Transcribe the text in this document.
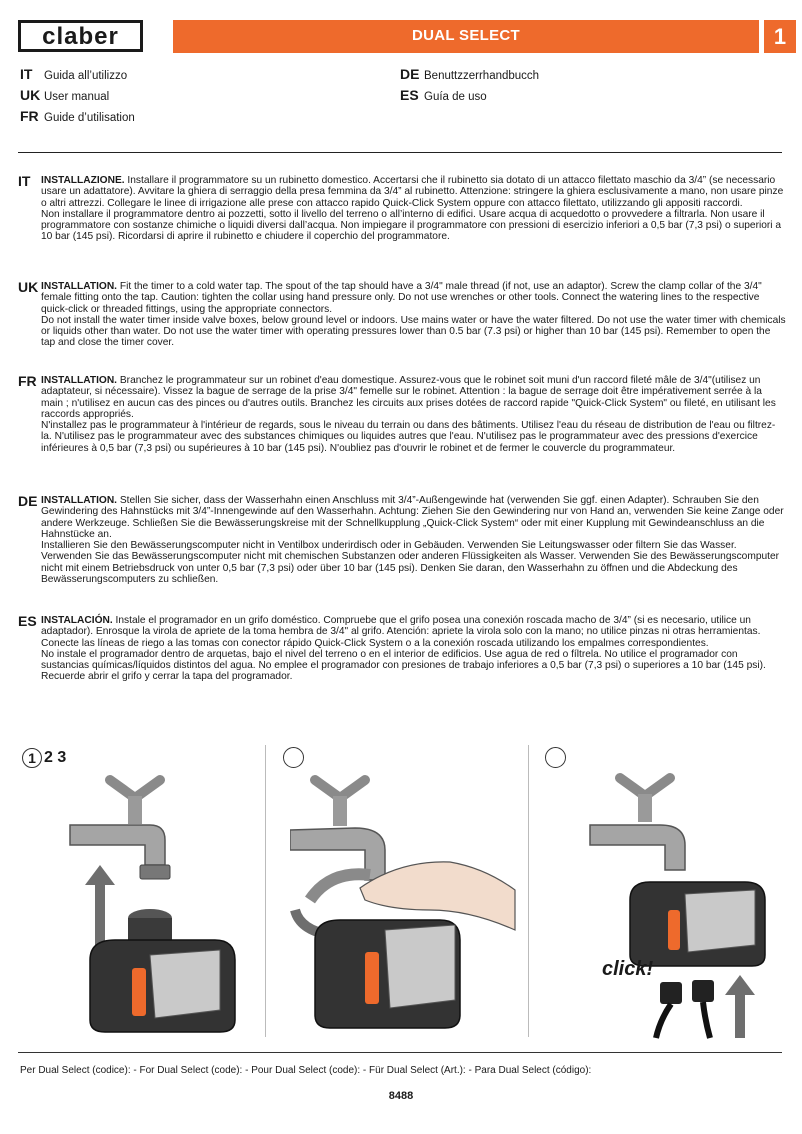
claber	DUAL SELECT	1
IT Guida all’utilizzo
UK User manual
FR Guide d’utilisation
DE Benuttzzerrhandbucch
ES Guía de uso
IT INSTALLAZIONE. Installare il programmatore su un rubinetto domestico. Accertarsi che il rubinetto sia dotato di un attacco filettato maschio da 3/4” (se necessario usare un adattatore). Avvitare la ghiera di serraggio della presa femmina da 3/4” al rubinetto. Attenzione: stringere la ghiera esclusivamente a mano, non usare pinze o altri attrezzi. Collegare le linee di irrigazione alle prese con attacco rapido Quick-Click System oppure con attacco filettato, utilizzando gli appositi raccordi.

Non installare il programmatore dentro ai pozzetti, sotto il livello del terreno o all’interno di edifici. Usare acqua di acquedotto o provvedere a filtrarla. Non usare il programmatore con sostanze chimiche o liquidi diversi dall’acqua. Non impiegare il programmatore con pressioni di esercizio inferiori a 0,5 bar (7,3 psi) o superiori a 10 bar (145 psi). Ricordarsi di aprire il rubinetto e chiudere il coperchio del programmatore.

UK INSTALLATION. Fit the timer to a cold water tap. The spout of the tap should have a 3/4" male thread (if not, use an adaptor). Screw the clamp collar of the 3/4" female fitting onto the tap. Caution: tighten the collar using hand pressure only. Do not use wrenches or other tools. Connect the watering lines to the respective quick-click or threaded fittings, using the appropriate connectors.

Do not install the water timer inside valve boxes, below ground level or indoors. Use mains water or have the water filtered. Do not use the water timer with chemicals or liquids other than water. Do not use the water timer with operating pressures lower than 0.5 bar (7.3 psi) or higher than 10 bar (145 psi). Remember to open the tap and close the timer cover.

FR INSTALLATION. Branchez le programmateur sur un robinet d'eau domestique. Assurez-vous que le robinet soit muni d'un raccord fileté mâle de 3/4"(utilisez un adaptateur, si nécessaire). Vissez la bague de serrage de la prise 3/4" femelle sur le robinet. Attention : la bague de serrage doit être impérativement serrée à la main ; n'utilisez en aucun cas des pinces ou d'autres outils. Branchez les circuits aux prises dotées de raccord rapide "Quick-Click System" ou fileté, en utilisant les raccords appropriés.

N'installez pas le programmateur à l'intérieur de regards, sous le niveau du terrain ou dans des bâtiments. Utilisez l'eau du réseau de distribution de l'eau ou filtrez-la. N'utilisez pas le programmateur avec des substances chimiques ou liquides autres que l'eau. N'utilisez pas le programmateur avec des pressions d'exercice inférieures à 0,5 bar (7,3 psi) ou supérieures à 10 bar (145 psi). N'oubliez pas d'ouvrir le robinet et de fermer le couvercle du programmateur.

DE INSTALLATION. Stellen Sie sicher, dass der Wasserhahn einen Anschluss mit 3/4”-Außengewinde hat (verwenden Sie ggf. einen Adapter). Schrauben Sie den Gewindering des Hahnstücks mit 3/4”-Innengewinde auf den Wasserhahn. Achtung: Ziehen Sie den Gewindering nur von Hand an, verwenden Sie keine Zange oder andere Werkzeuge. Schließen Sie die Bewässerungskreise mit der Schnellkupplung „Quick-Click System“ oder mit einer Kupplung mit Gewindeanschluss an die Hahnstücke an.

Installieren Sie den Bewässerungscomputer nicht in Ventilbox underirdisch oder in Gebäuden. Verwenden Sie Leitungswasser oder filtern Sie das Wasser. Verwenden Sie das Bewässerungscomputer nicht mit chemischen Substanzen oder anderen Flüssigkeiten als Wasser. Verwenden Sie des Bewässerungscomputer nicht mit einem Betriebsdruck von unter 0,5 bar (7,3 psi) oder über 10 bar (145 psi). Denken Sie daran, den Wasserhahn zu öffnen und die Abdeckung des Bewässerungscomputers zu schließen.

ES INSTALACIÓN. Instale el programador en un grifo doméstico. Compruebe que el grifo posea una conexión roscada macho de 3/4” (si es necesario, utilice un adaptador). Enrosque la virola de apriete de la toma hembra de 3/4" al grifo. Atención: apriete la virola solo con la mano; no utilice pinzas ni otras herramientas. Conecte las líneas de riego a las tomas con conector rápido Quick-Click System o a la conexión roscada utilizando los empalmes correspondientes.

No instale el programador dentro de arquetas, bajo el nivel del terreno o en el interior de edificios. Use agua de red o fíltrela. No utilice el programador con sustancias químicas/líquidos distintos del agua. No emplee el programador con presiones de trabajo inferiores a 0,5 bar (7,3 psi) o superiores a 10 bar (145 psi). Recuerde abrir el grifo y cerrar la tapa del programador.

1 2 3
click!
Per Dual Select (codice): - For Dual Select (code): - Pour Dual Select (code): - Für Dual Select (Art.): - Para Dual Select (código):
8488
